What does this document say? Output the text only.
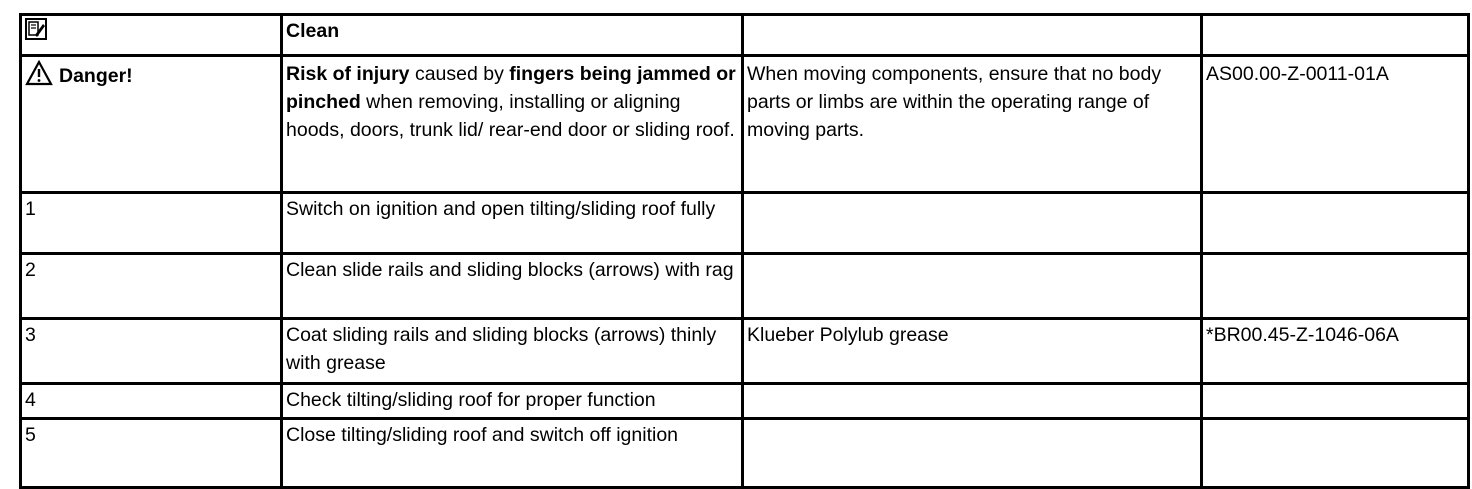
	Clean		
Danger!	Risk of injury caused by fingers being jammed or pinched when removing, installing or aligning hoods, doors, trunk lid/ rear-end door or sliding roof.	When moving components, ensure that no body parts or limbs are within the operating range of moving parts.	AS00.00-Z-0011-01A
1	Switch on ignition and open tilting/sliding roof fully		
2	Clean slide rails and sliding blocks (arrows) with rag		
3	Coat sliding rails and sliding blocks (arrows) thinly with grease	Klueber Polylub grease	*BR00.45-Z-1046-06A
4	Check tilting/sliding roof for proper function		
5	Close tilting/sliding roof and switch off ignition		
